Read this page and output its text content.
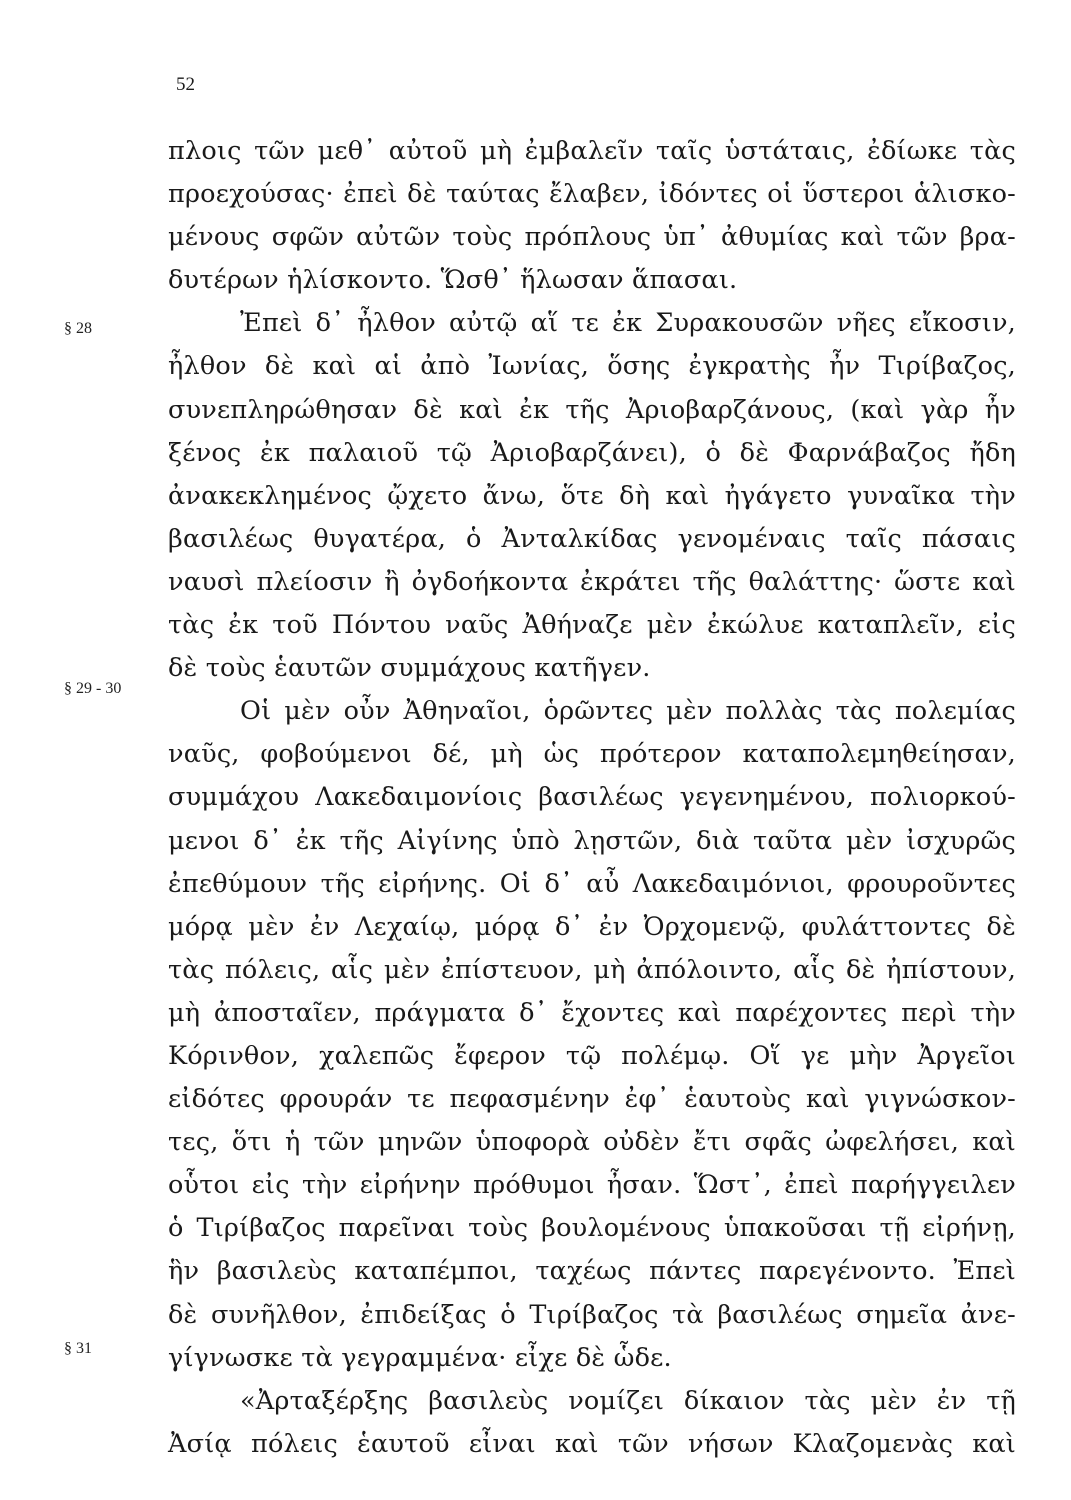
52
§ 28
§ 29 - 30
§ 31
πλοις τῶν μεθ᾽ αὐτοῦ μὴ ἐμβαλεῖν ταῖς ὑστάταις, ἐδίωκε τὰς
προεχούσας· ἐπεὶ δὲ ταύτας ἔλαβεν, ἰδόντες οἱ ὕστεροι ἁλισκο-
μένους σφῶν αὐτῶν τοὺς πρόπλους ὑπ᾽ ἀθυμίας καὶ τῶν βρα-
δυτέρων ἡλίσκοντο. Ὥσθ᾽ ἥλωσαν ἅπασαι.
Ἐπεὶ δ᾽ ἦλθον αὐτῷ αἵ τε ἐκ Συρακουσῶν νῆες εἴκοσιν,
ἦλθον δὲ καὶ αἱ ἀπὸ Ἰωνίας, ὅσης ἐγκρατὴς ἦν Τιρίβαζος,
συνεπληρώθησαν δὲ καὶ ἐκ τῆς Ἀριοβαρζάνους, (καὶ γὰρ ἦν
ξένος ἐκ παλαιοῦ τῷ Ἀριοβαρζάνει), ὁ δὲ Φαρνάβαζος ἤδη
ἀνακεκλημένος ᾤχετο ἄνω, ὅτε δὴ καὶ ἠγάγετο γυναῖκα τὴν
βασιλέως θυγατέρα, ὁ Ἀνταλκίδας γενομέναις ταῖς πάσαις
ναυσὶ πλείοσιν ἢ ὀγδοήκοντα ἐκράτει τῆς θαλάττης· ὥστε καὶ
τὰς ἐκ τοῦ Πόντου ναῦς Ἀθήναζε μὲν ἐκώλυε καταπλεῖν, εἰς
δὲ τοὺς ἑαυτῶν συμμάχους κατῆγεν.
Οἱ μὲν οὖν Ἀθηναῖοι, ὁρῶντες μὲν πολλὰς τὰς πολεμίας
ναῦς, φοβούμενοι δέ, μὴ ὡς πρότερον καταπολεμηθείησαν,
συμμάχου Λακεδαιμονίοις βασιλέως γεγενημένου, πολιορκού-
μενοι δ᾽ ἐκ τῆς Αἰγίνης ὑπὸ λῃστῶν, διὰ ταῦτα μὲν ἰσχυρῶς
ἐπεθύμουν τῆς εἰρήνης. Οἱ δ᾽ αὖ Λακεδαιμόνιοι, φρουροῦντες
μόρᾳ μὲν ἐν Λεχαίῳ, μόρᾳ δ᾽ ἐν Ὀρχομενῷ, φυλάττοντες δὲ
τὰς πόλεις, αἷς μὲν ἐπίστευον, μὴ ἀπόλοιντο, αἷς δὲ ἠπίστουν,
μὴ ἀποσταῖεν, πράγματα δ᾽ ἔχοντες καὶ παρέχοντες περὶ τὴν
Κόρινθον, χαλεπῶς ἔφερον τῷ πολέμῳ. Οἵ γε μὴν Ἀργεῖοι
εἰδότες φρουράν τε πεφασμένην ἐφ᾽ ἑαυτοὺς καὶ γιγνώσκον-
τες, ὅτι ἡ τῶν μηνῶν ὑποφορὰ οὐδὲν ἔτι σφᾶς ὠφελήσει, καὶ
οὗτοι εἰς τὴν εἰρήνην πρόθυμοι ἦσαν. Ὥστ᾽, ἐπεὶ παρήγγειλεν
ὁ Τιρίβαζος παρεῖναι τοὺς βουλομένους ὑπακοῦσαι τῇ εἰρήνῃ,
ἣν βασιλεὺς καταπέμποι, ταχέως πάντες παρεγένοντο. Ἐπεὶ
δὲ συνῆλθον, ἐπιδείξας ὁ Τιρίβαζος τὰ βασιλέως σημεῖα ἀνε-
γίγνωσκε τὰ γεγραμμένα· εἶχε δὲ ὧδε.
«Ἀρταξέρξης βασιλεὺς νομίζει δίκαιον τὰς μὲν ἐν τῇ
Ἀσίᾳ πόλεις ἑαυτοῦ εἶναι καὶ τῶν νήσων Κλαζομενὰς καὶ
